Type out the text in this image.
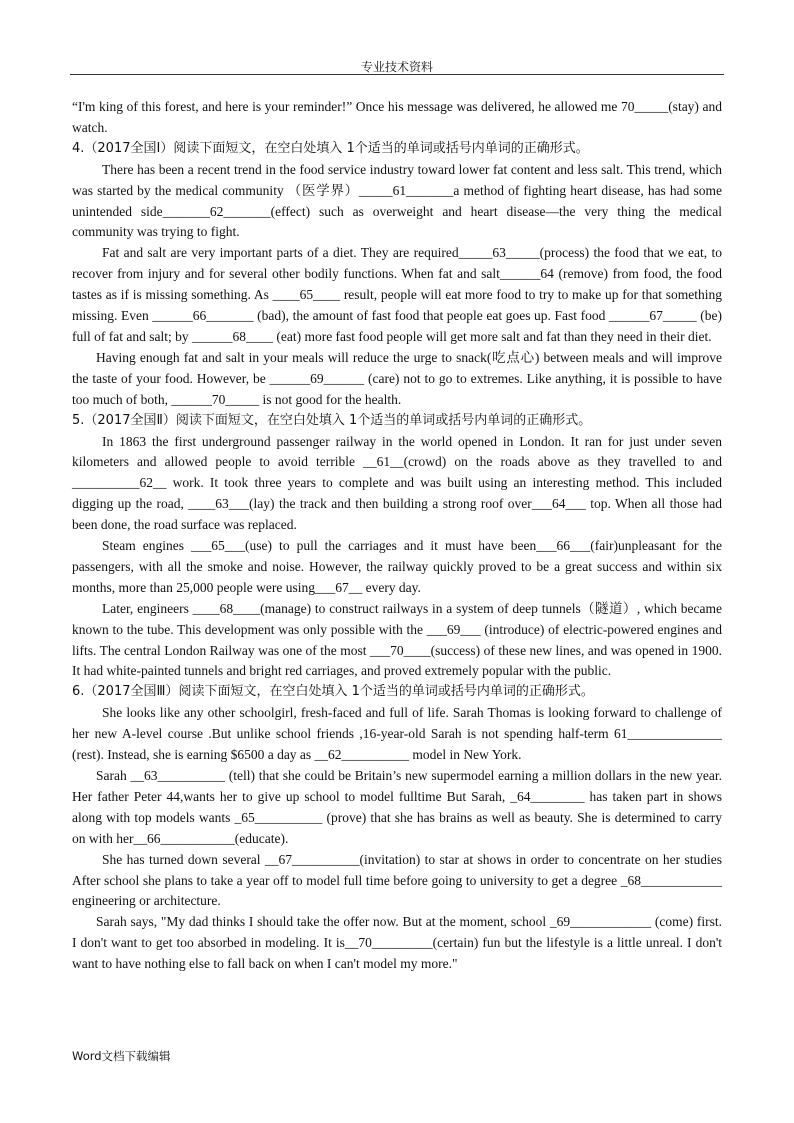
专业技术资料

“I'm king of this forest, and here is your reminder!” Once his message was delivered, he allowed me 70_____(stay) and watch.

4.（2017全国Ⅰ）阅读下面短文，在空白处填入 1个适当的单词或括号内单词的正确形式。

There has been a recent trend in the food service industry toward lower fat content and less salt. This trend, which was started by the medical community （医学界）_____61_______a method of fighting heart disease, has had some unintended side_______62_______(effect) such as overweight and heart disease—the very thing the medical community was trying to fight.

Fat and salt are very important parts of a diet. They are required_____63_____(process) the food that we eat, to recover from injury and for several other bodily functions. When fat and salt______64 (remove) from food, the food tastes as if is missing something. As ____65____ result, people will eat more food to try to make up for that something missing. Even ______66_______ (bad), the amount of fast food that people eat goes up. Fast food ______67_____ (be) full of fat and salt; by ______68____ (eat) more fast food people will get more salt and fat than they need in their diet.

Having enough fat and salt in your meals will reduce the urge to snack(吃点心) between meals and will improve the taste of your food. However, be ______69______ (care) not to go to extremes. Like anything, it is possible to have too much of both, ______70_____ is not good for the health.

5.（2017全国Ⅱ）阅读下面短文，在空白处填入 1个适当的单词或括号内单词的正确形式。

In 1863 the first underground passenger railway in the world opened in London. It ran for just under seven kilometers and allowed people to avoid terrible __61__(crowd) on the roads above as they travelled to and __________62__ work. It took three years to complete and was built using an interesting method. This included digging up the road, ____63___(lay) the track and then building a strong roof over___64___ top. When all those had been done, the road surface was replaced.

Steam engines ___65___(use) to pull the carriages and it must have been___66___(fair)unpleasant for the passengers, with all the smoke and noise. However, the railway quickly proved to be a great success and within six months, more than 25,000 people were using___67__ every day.

Later, engineers ____68____(manage) to construct railways in a system of deep tunnels（隧道）, which became known to the tube. This development was only possible with the ___69___ (introduce) of electric-powered engines and lifts. The central London Railway was one of the most ___70____(success) of these new lines, and was opened in 1900. It had white-painted tunnels and bright red carriages, and proved extremely popular with the public.

6.（2017全国Ⅲ）阅读下面短文，在空白处填入 1个适当的单词或括号内单词的正确形式。

She looks like any other schoolgirl, fresh-faced and full of life. Sarah Thomas is looking forward to challenge of her new A-level course .But unlike school friends ,16-year-old Sarah is not spending half-term 61______________ (rest). Instead, she is earning $6500 a day as __62__________ model in New York.

Sarah __63__________ (tell) that she could be Britain’s new supermodel earning a million dollars in the new year. Her father Peter 44,wants her to give up school to model fulltime But Sarah, _64________ has taken part in shows along with top models wants _65__________ (prove) that she has brains as well as beauty. She is determined to carry on with her__66___________(educate).

She has turned down several __67__________(invitation) to star at shows in order to concentrate on her studies After school she plans to take a year off to model full time before going to university to get a degree _68____________ engineering or architecture.

Sarah says, "My dad thinks I should take the offer now. But at the moment, school _69____________ (come) first. I don't want to get too absorbed in modeling. It is__70_________(certain) fun but the lifestyle is a little unreal. I don't want to have nothing else to fall back on when I can't model my more."

Word文档下载编辑
